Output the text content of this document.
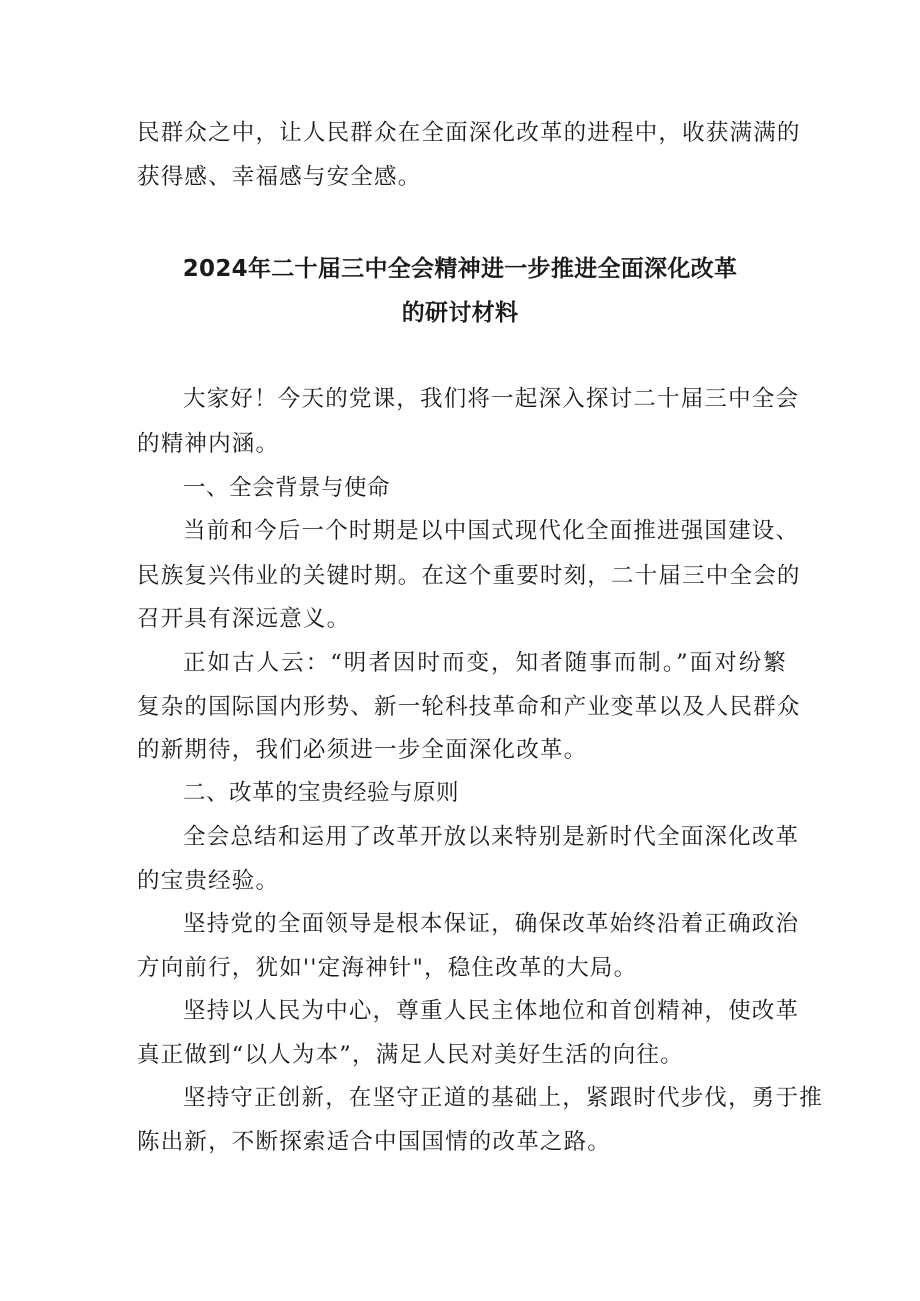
民群众之中，让人民群众在全面深化改革的进程中，收获满满的
获得感、幸福感与安全感。
2024年二十届三中全会精神进一步推进全面深化改革
的研讨材料
大家好！今天的党课，我们将一起深入探讨二十届三中全会
的精神内涵。
一、全会背景与使命
当前和今后一个时期是以中国式现代化全面推进强国建设、
民族复兴伟业的关键时期。在这个重要时刻，二十届三中全会的
召开具有深远意义。
正如古人云：“明者因时而变，知者随事而制。”面对纷繁
复杂的国际国内形势、新一轮科技革命和产业变革以及人民群众
的新期待，我们必须进一步全面深化改革。
二、改革的宝贵经验与原则
全会总结和运用了改革开放以来特别是新时代全面深化改革
的宝贵经验。
坚持党的全面领导是根本保证，确保改革始终沿着正确政治
方向前行，犹如''定海神针"，稳住改革的大局。
坚持以人民为中心，尊重人民主体地位和首创精神，使改革
真正做到“以人为本”，满足人民对美好生活的向往。
坚持守正创新，在坚守正道的基础上，紧跟时代步伐，勇于推
陈出新，不断探索适合中国国情的改革之路。
